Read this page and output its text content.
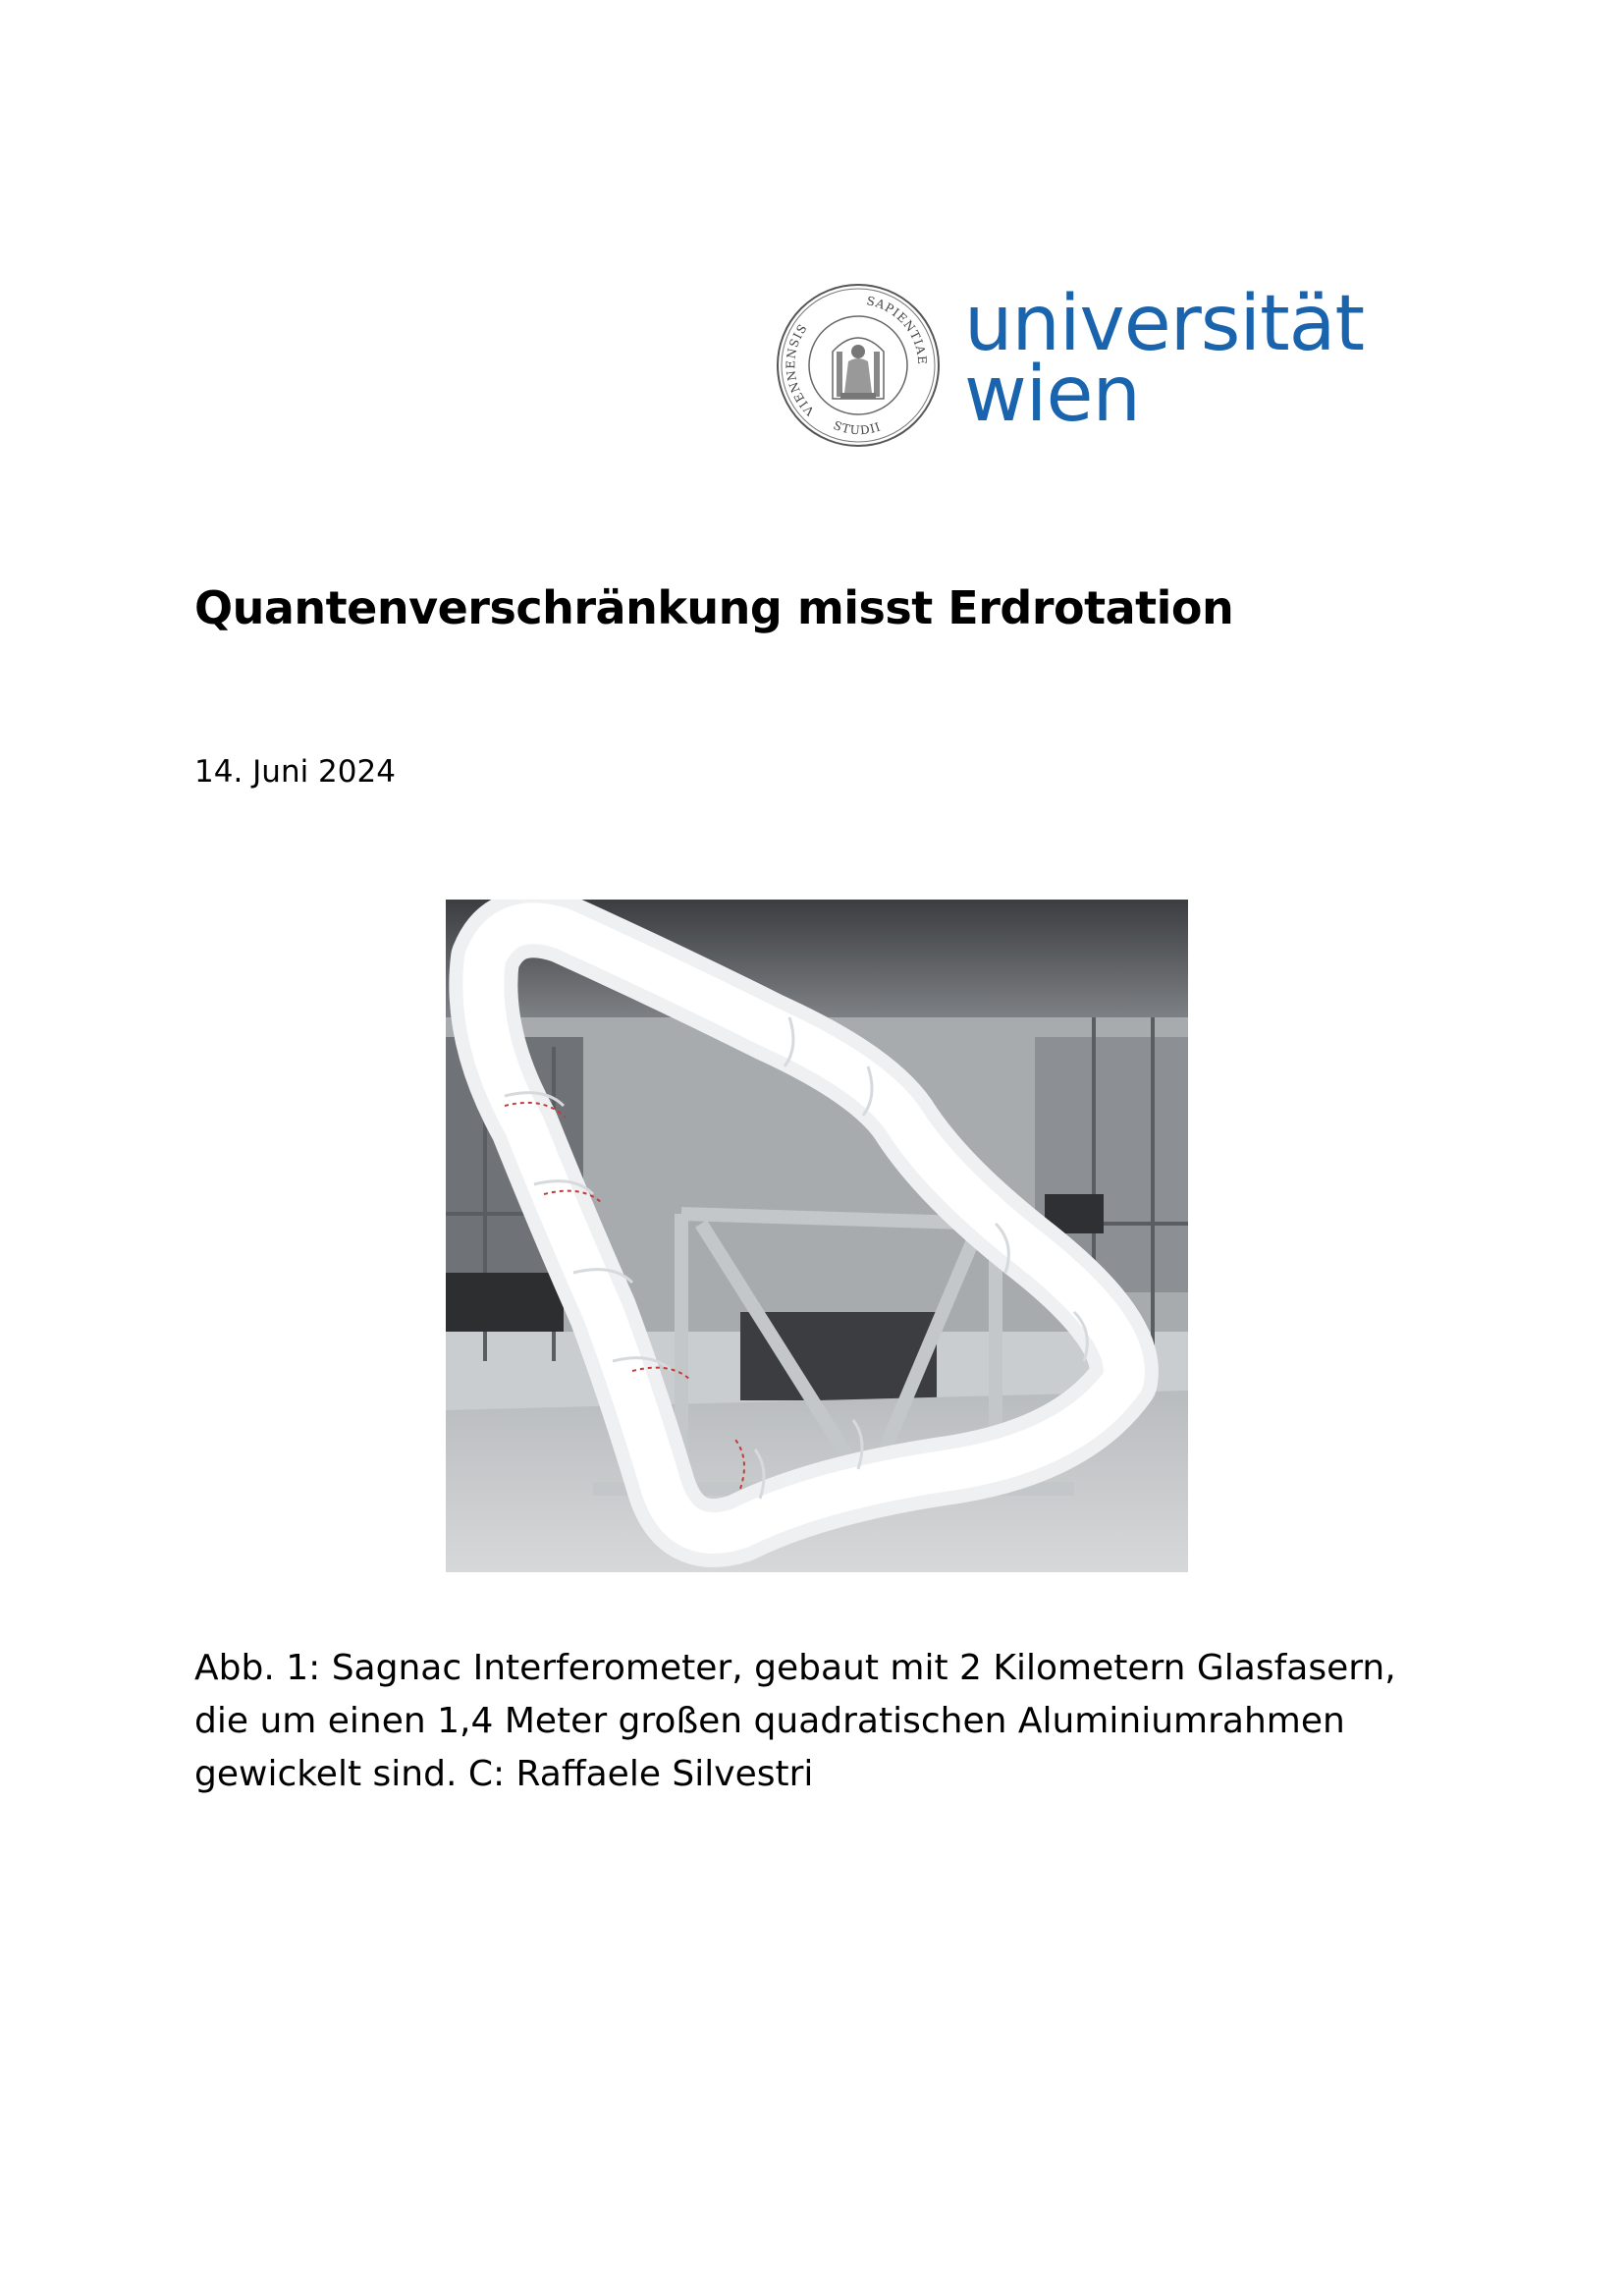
VIENNENSIS
SAPIENTIAE
STUDII
universität
wien
Quantenverschränkung misst Erdrotation
14. Juni 2024
Abb. 1: Sagnac Interferometer, gebaut mit 2 Kilometern Glasfasern,
die um einen 1,4 Meter großen quadratischen Aluminiumrahmen
gewickelt sind. C: Raffaele Silvestri
